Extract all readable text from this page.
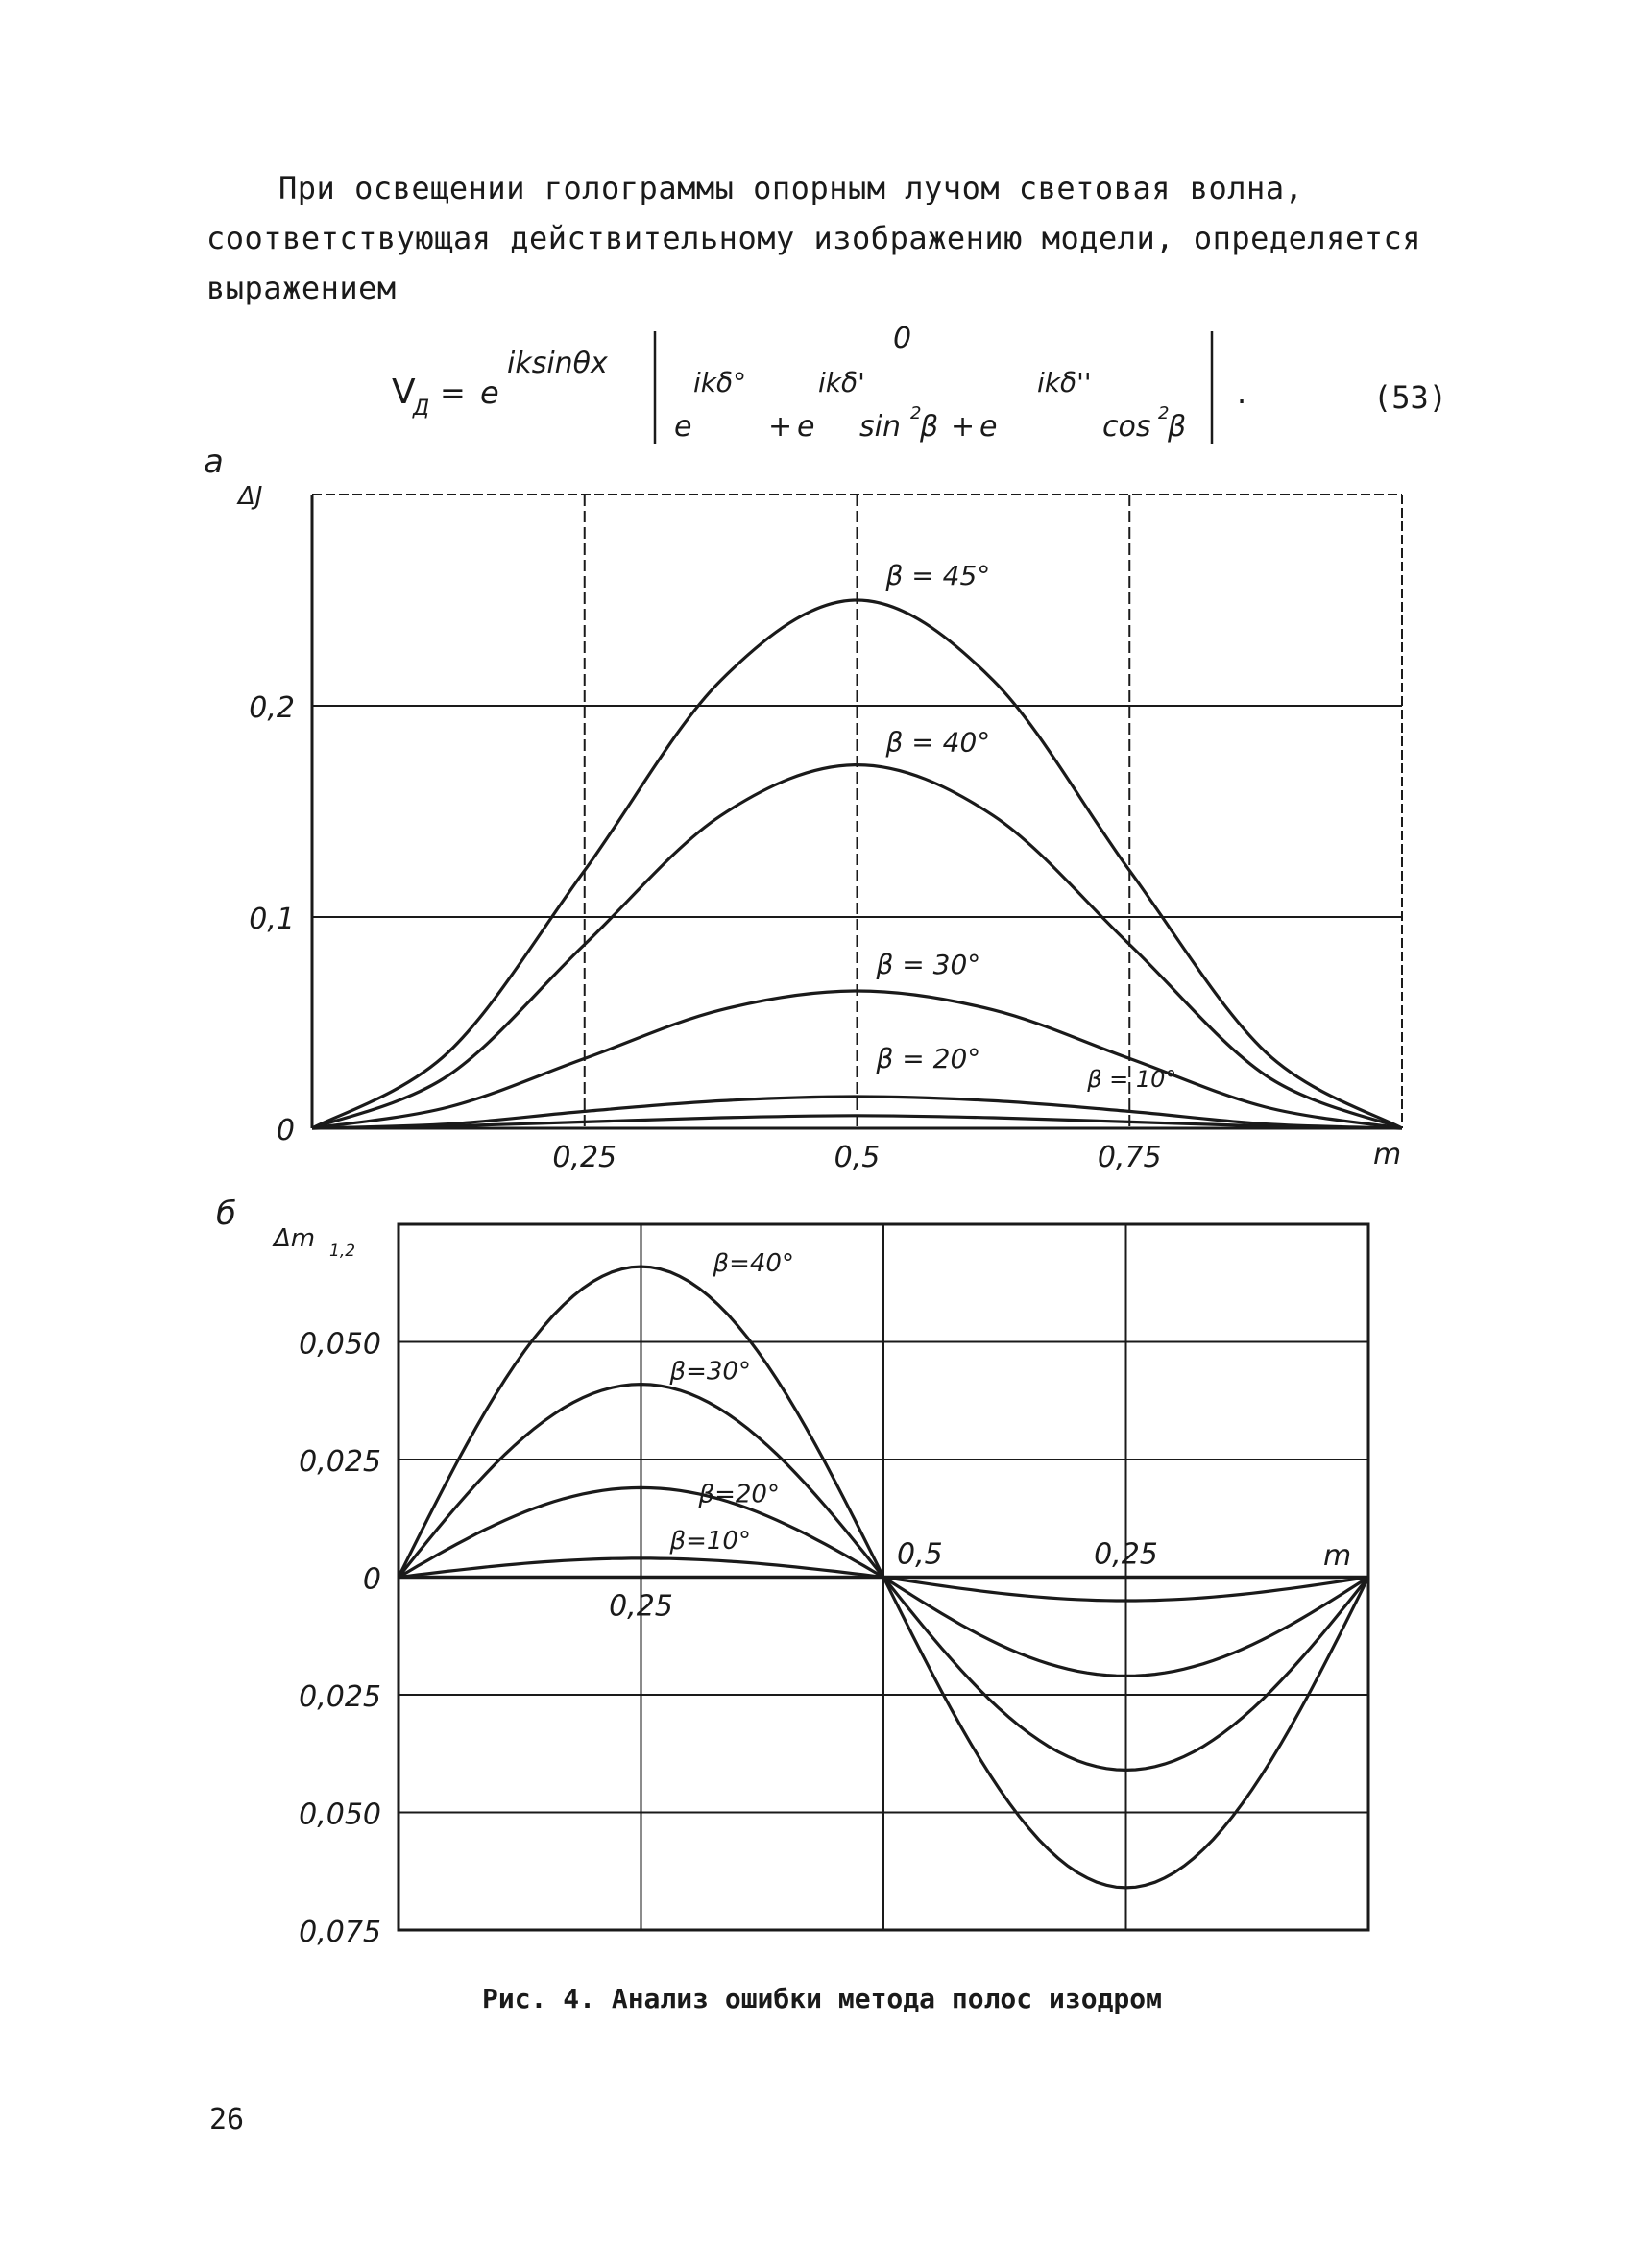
При освещении голограммы опорным лучом световая волна,
соответствующая действительному изображению модели, определяется
выражением

V
Д = e
iksinθx
0
e
ikδ°
+ e
ikδ'
sin 2
β + e
ikδ''
cos 2
β
.	(53)
а
ΔJ
m
0,25	0,5	0,75
0
0,1
0,2
β = 45°
β = 40°
β = 30°
β = 20°
β = 10°
б
Δm 1,2
m
0,050
0,025
0
0,025
0,050
0,075
0,25
0,5	0,25
β=40°
β=30°
β=20°
β=10°
Рис. 4. Анализ ошибки метода полос изодром
26
